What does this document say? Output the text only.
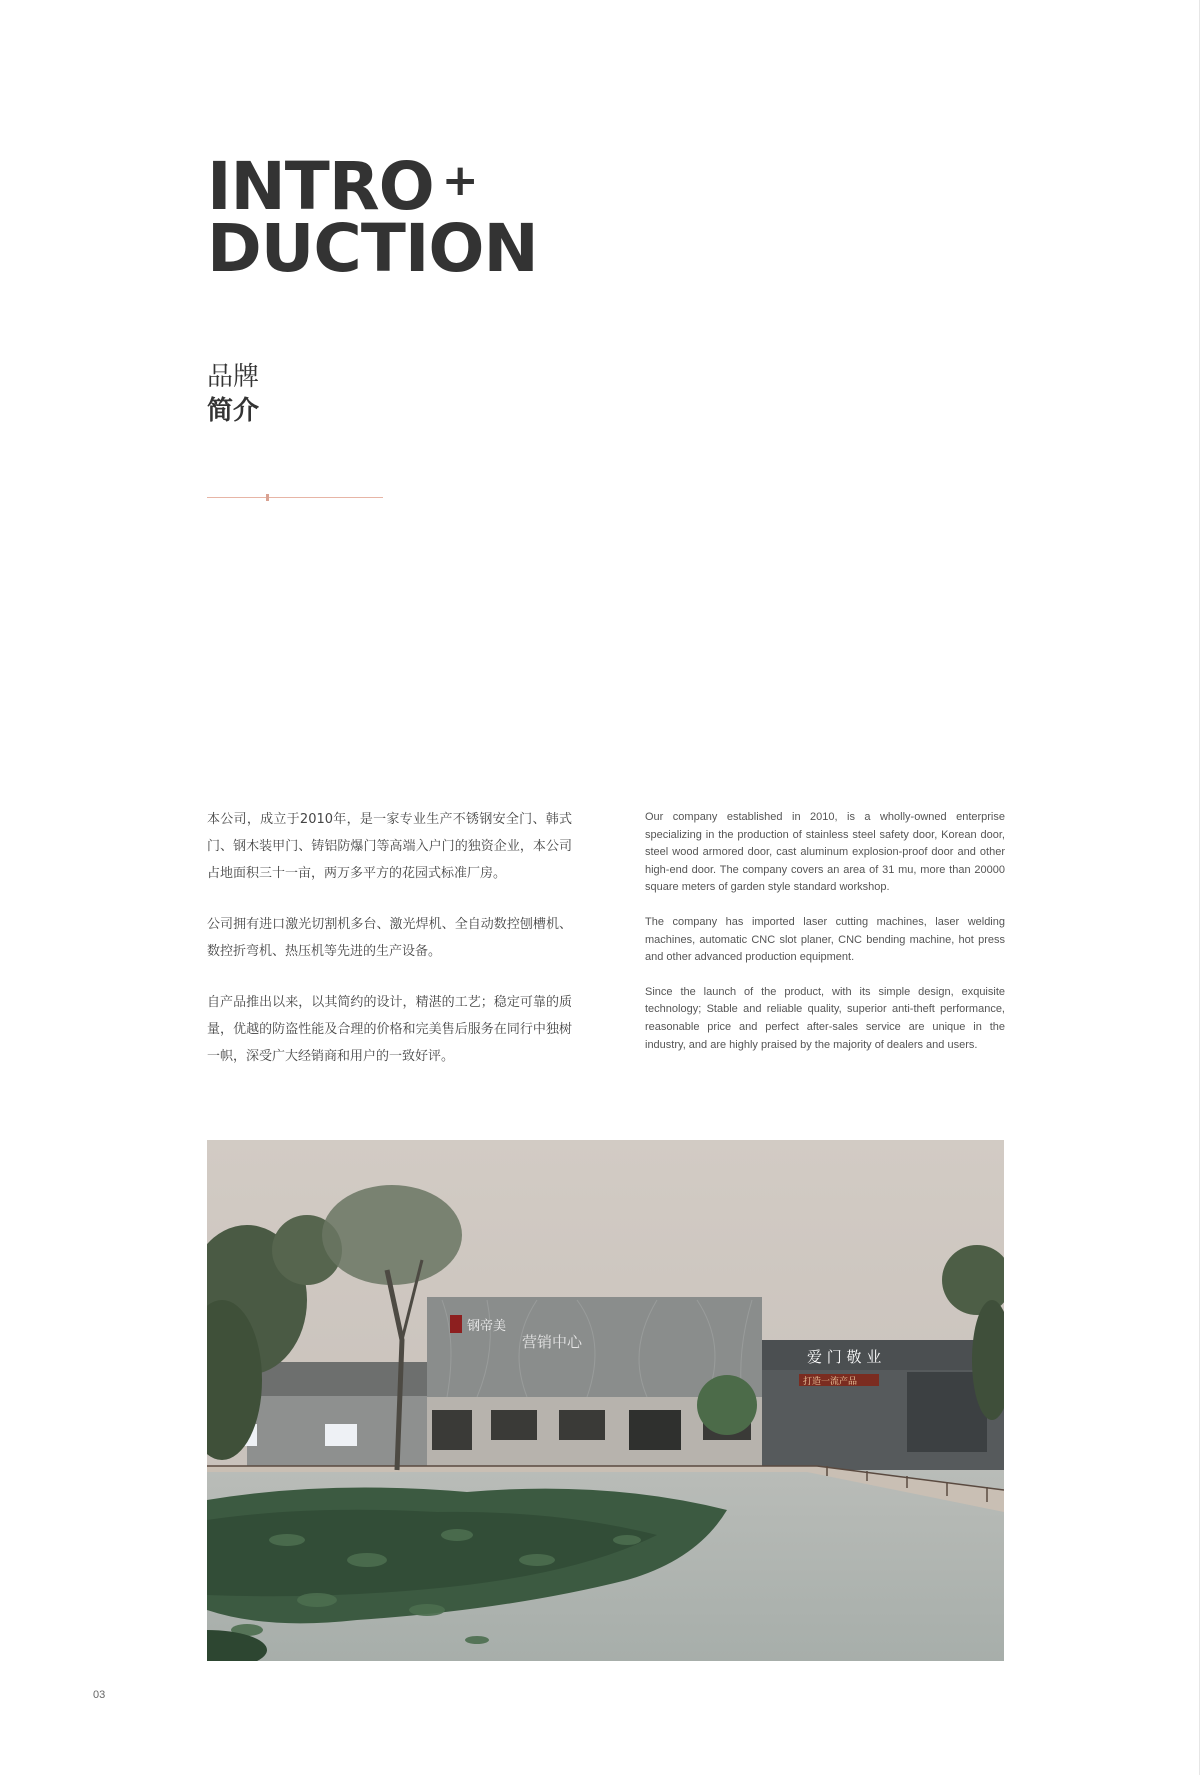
INTRO +
DUCTION
品牌
简介

本公司，成立于2010年，是一家专业生产不锈钢安全门、韩式门、钢木装甲门、铸铝防爆门等高端入户门的独资企业，本公司占地面积三十一亩，两万多平方的花园式标准厂房。

公司拥有进口激光切割机多台、激光焊机、全自动数控刨槽机、数控折弯机、热压机等先进的生产设备。

自产品推出以来，以其简约的设计，精湛的工艺；稳定可靠的质量，优越的防盗性能及合理的价格和完美售后服务在同行中独树一帜，深受广大经销商和用户的一致好评。

Our company established in 2010, is a wholly-owned enterprise specializing in the production of stainless steel safety door, Korean door, steel wood armored door, cast aluminum explosion-proof door and other high-end door. The company covers an area of 31 mu, more than 20000 square meters of garden style standard workshop.

The company has imported laser cutting machines, laser welding machines, automatic CNC slot planer, CNC bending machine, hot press and other advanced production equipment.

Since the launch of the product, with its simple design, exquisite technology; Stable and reliable quality, superior anti-theft performance, reasonable price and perfect after-sales service are unique in the industry, and are highly praised by the majority of dealers and users.

钢帝美
营销中心
爱 门 敬 业
打造一流产品
03
